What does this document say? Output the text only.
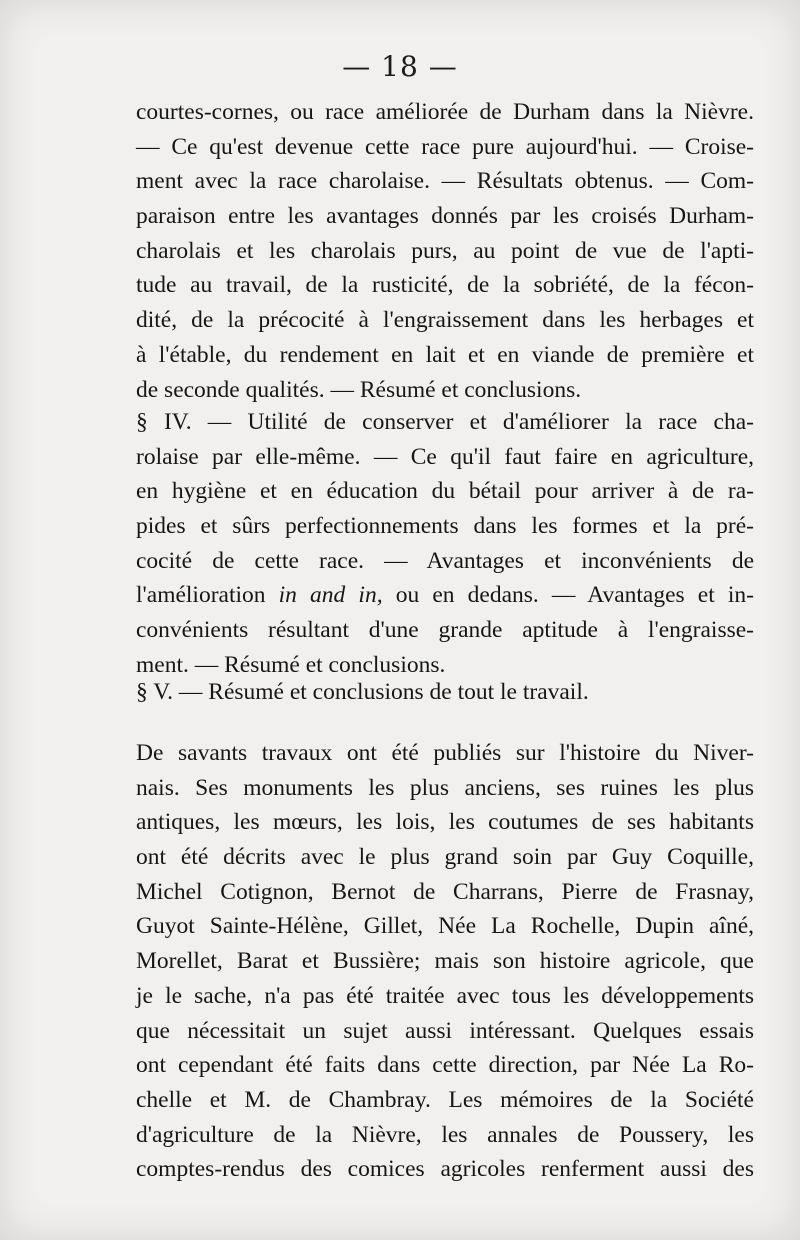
— 18 —
courtes-cornes, ou race améliorée de Durham dans la Nièvre.
— Ce qu'est devenue cette race pure aujourd'hui. — Croise-
ment avec la race charolaise. — Résultats obtenus. — Com-
paraison entre les avantages donnés par les croisés Durham-
charolais et les charolais purs, au point de vue de l'apti-
tude au travail, de la rusticité, de la sobriété, de la fécon-
dité, de la précocité à l'engraissement dans les herbages et
à l'étable, du rendement en lait et en viande de première et
de seconde qualités. — Résumé et conclusions.
§ IV. — Utilité de conserver et d'améliorer la race cha-
rolaise par elle-même. — Ce qu'il faut faire en agriculture,
en hygiène et en éducation du bétail pour arriver à de ra-
pides et sûrs perfectionnements dans les formes et la pré-
cocité de cette race. — Avantages et inconvénients de
l'amélioration in and in, ou en dedans. — Avantages et in-
convénients résultant d'une grande aptitude à l'engraisse-
ment. — Résumé et conclusions.
§ V. — Résumé et conclusions de tout le travail.
De savants travaux ont été publiés sur l'histoire du Niver-
nais. Ses monuments les plus anciens, ses ruines les plus
antiques, les mœurs, les lois, les coutumes de ses habitants
ont été décrits avec le plus grand soin par Guy Coquille,
Michel Cotignon, Bernot de Charrans, Pierre de Frasnay,
Guyot Sainte-Hélène, Gillet, Née La Rochelle, Dupin aîné,
Morellet, Barat et Bussière; mais son histoire agricole, que
je le sache, n'a pas été traitée avec tous les développements
que nécessitait un sujet aussi intéressant. Quelques essais
ont cependant été faits dans cette direction, par Née La Ro-
chelle et M. de Chambray. Les mémoires de la Société
d'agriculture de la Nièvre, les annales de Poussery, les
comptes-rendus des comices agricoles renferment aussi des
